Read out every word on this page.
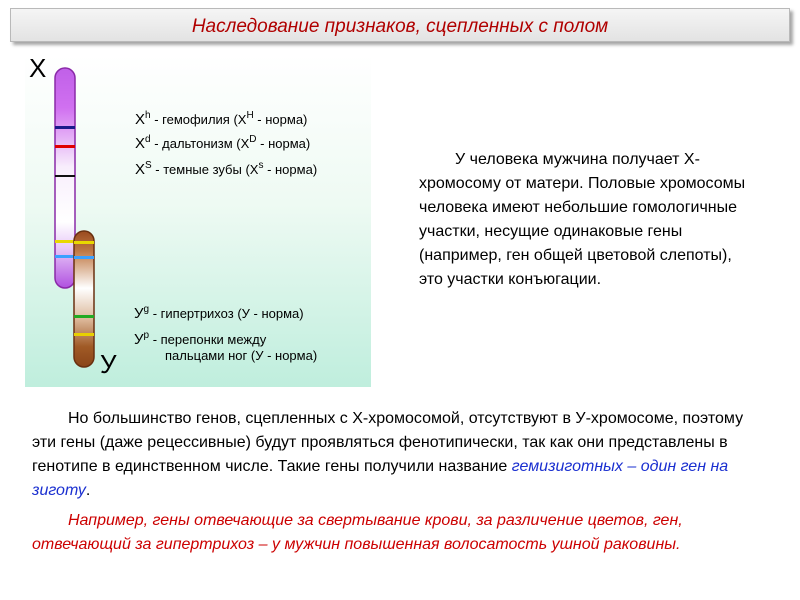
Наследование признаков, сцепленных с полом
Х
У
$X^h$ - гемофилия ($X^H$ - норма)
$X^d$ - дальтонизм ($X^D$ - норма)
$X^S$ - темные зубы ($X^s$ - норма)
$У^g$ - гипертрихоз (У - норма)
$У^p$ - перепонки между
пальцами ног (У - норма)
У человека мужчина получает Х-хромосому от матери. Половые хромосомы человека имеют небольшие гомологичные участки, несущие одинаковые гены (например, ген общей цветовой слепоты), это участки конъюгации.
Но большинство генов, сцепленных с Х-хромосомой, отсутствуют в У-хромосоме, поэтому эти гены (даже рецессивные) будут проявляться фенотипически, так как они представлены в генотипе в единственном числе. Такие гены получили название гемизиготных – один ген на зиготу.
Например, гены отвечающие за свертывание крови, за различение цветов, ген, отвечающий за гипертрихоз – у мужчин повышенная волосатость ушной раковины.
